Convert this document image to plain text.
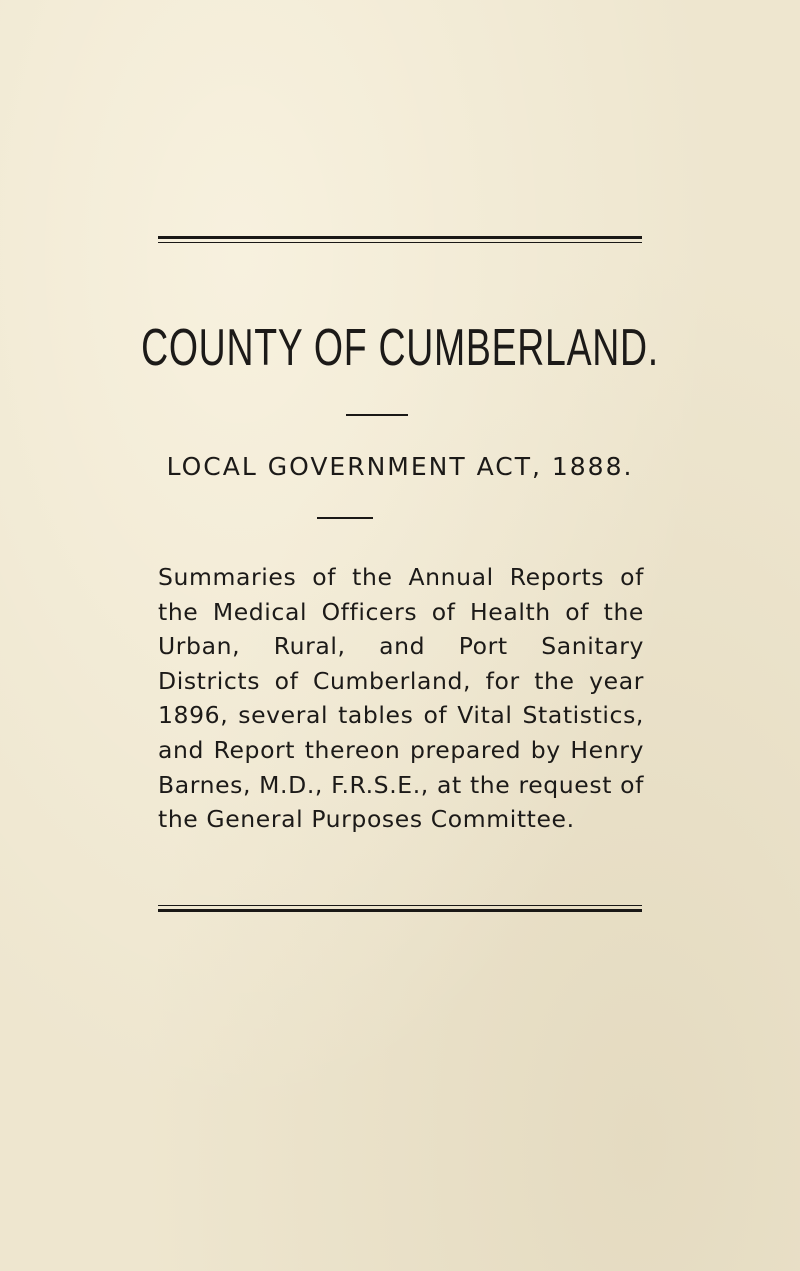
COUNTY OF CUMBERLAND.
LOCAL GOVERNMENT ACT, 1888.

Summaries of the Annual Reports of the Medical Officers of Health of the Urban, Rural, and Port Sanitary Districts of Cumberland, for the year 1896, several tables of Vital Statistics, and Report thereon prepared by Henry Barnes, M.D., F.R.S.E., at the request of the General Purposes Committee.
